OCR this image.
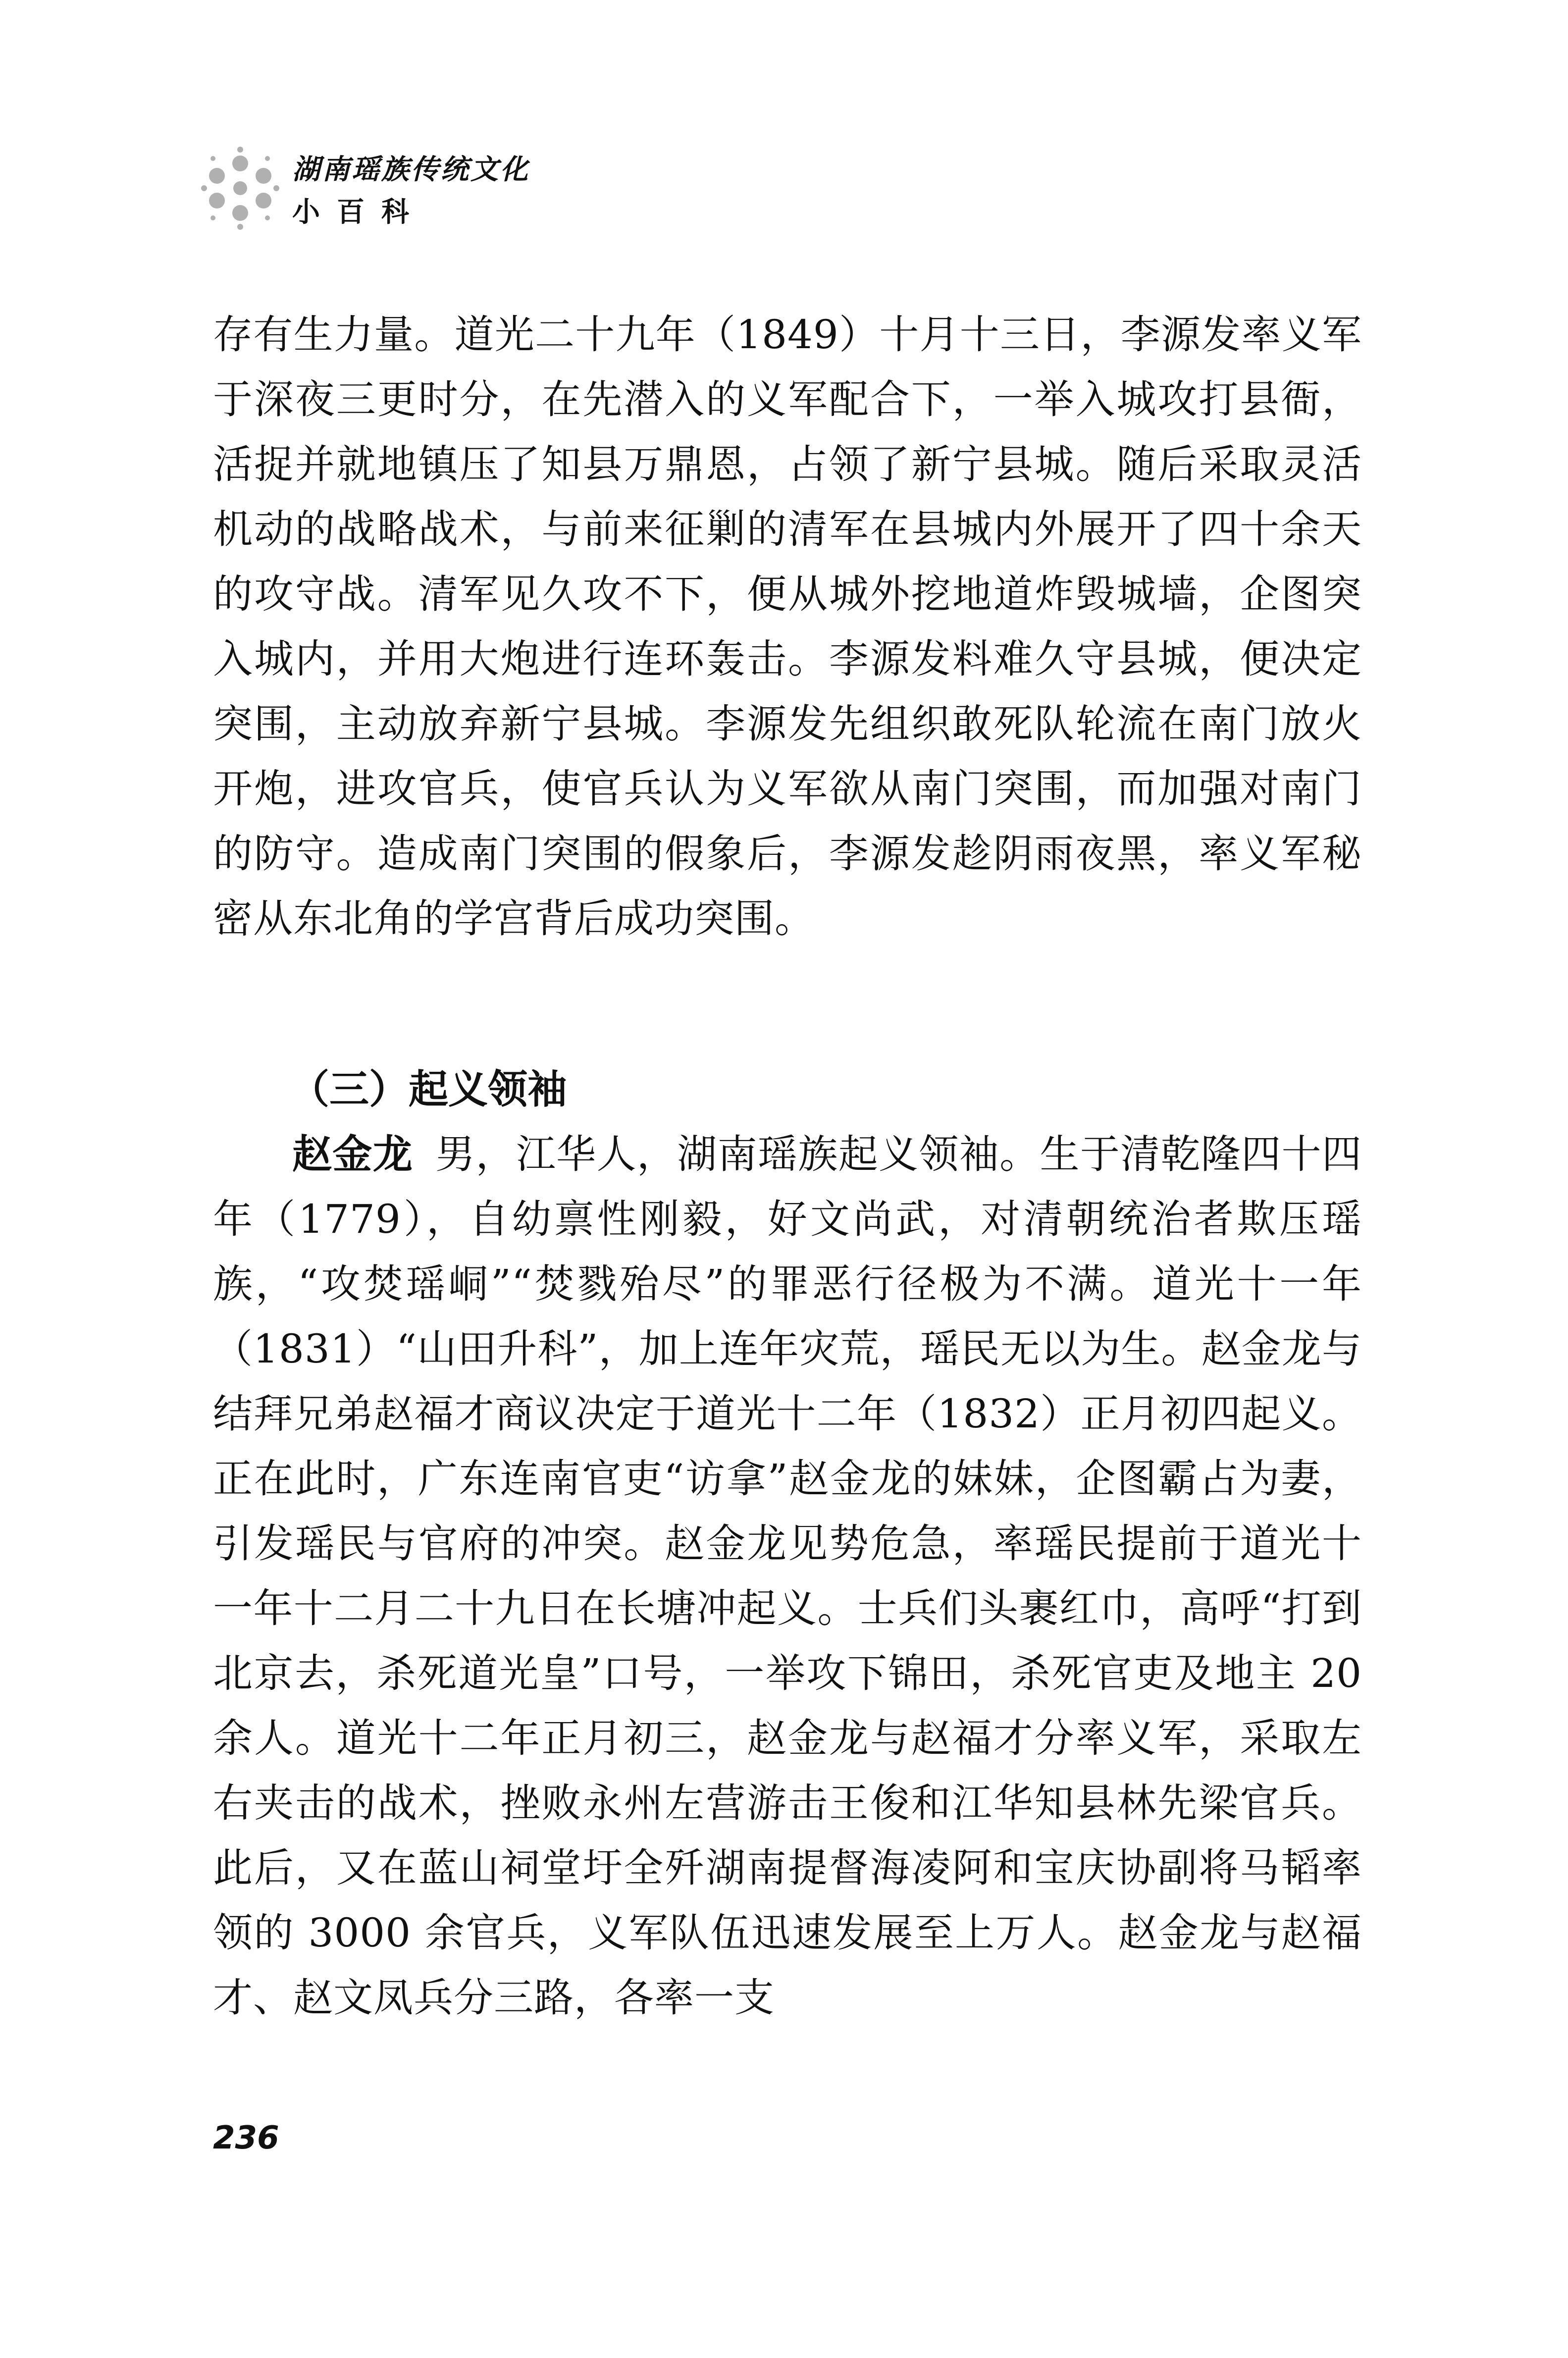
湖南瑶族传统文化
小百科

存有生力量。道光二十九年（1849）十月十三日，李源发率义军于深夜三更时分，在先潜入的义军配合下，一举入城攻打县衙，活捉并就地镇压了知县万鼎恩，占领了新宁县城。随后采取灵活机动的战略战术，与前来征剿的清军在县城内外展开了四十余天的攻守战。清军见久攻不下，便从城外挖地道炸毁城墙，企图突入城内，并用大炮进行连环轰击。李源发料难久守县城，便决定突围，主动放弃新宁县城。李源发先组织敢死队轮流在南门放火开炮，进攻官兵，使官兵认为义军欲从南门突围，而加强对南门的防守。造成南门突围的假象后，李源发趁阴雨夜黑，率义军秘密从东北角的学宫背后成功突围。

（三）起义领袖

赵金龙 男，江华人，湖南瑶族起义领袖。生于清乾隆四十四年（1779），自幼禀性刚毅，好文尚武，对清朝统治者欺压瑶族，“攻焚瑶峒”“焚戮殆尽”的罪恶行径极为不满。道光十一年（1831）“山田升科”，加上连年灾荒，瑶民无以为生。赵金龙与结拜兄弟赵福才商议决定于道光十二年（1832）正月初四起义。正在此时，广东连南官吏“访拿”赵金龙的妹妹，企图霸占为妻，引发瑶民与官府的冲突。赵金龙见势危急，率瑶民提前于道光十一年十二月二十九日在长塘冲起义。士兵们头裹红巾，高呼“打到北京去，杀死道光皇”口号，一举攻下锦田，杀死官吏及地主 20 余人。道光十二年正月初三，赵金龙与赵福才分率义军，采取左右夹击的战术，挫败永州左营游击王俊和江华知县林先梁官兵。此后，又在蓝山祠堂圩全歼湖南提督海凌阿和宝庆协副将马韬率领的 3000 余官兵，义军队伍迅速发展至上万人。赵金龙与赵福才、赵文凤兵分三路，各率一支

236
